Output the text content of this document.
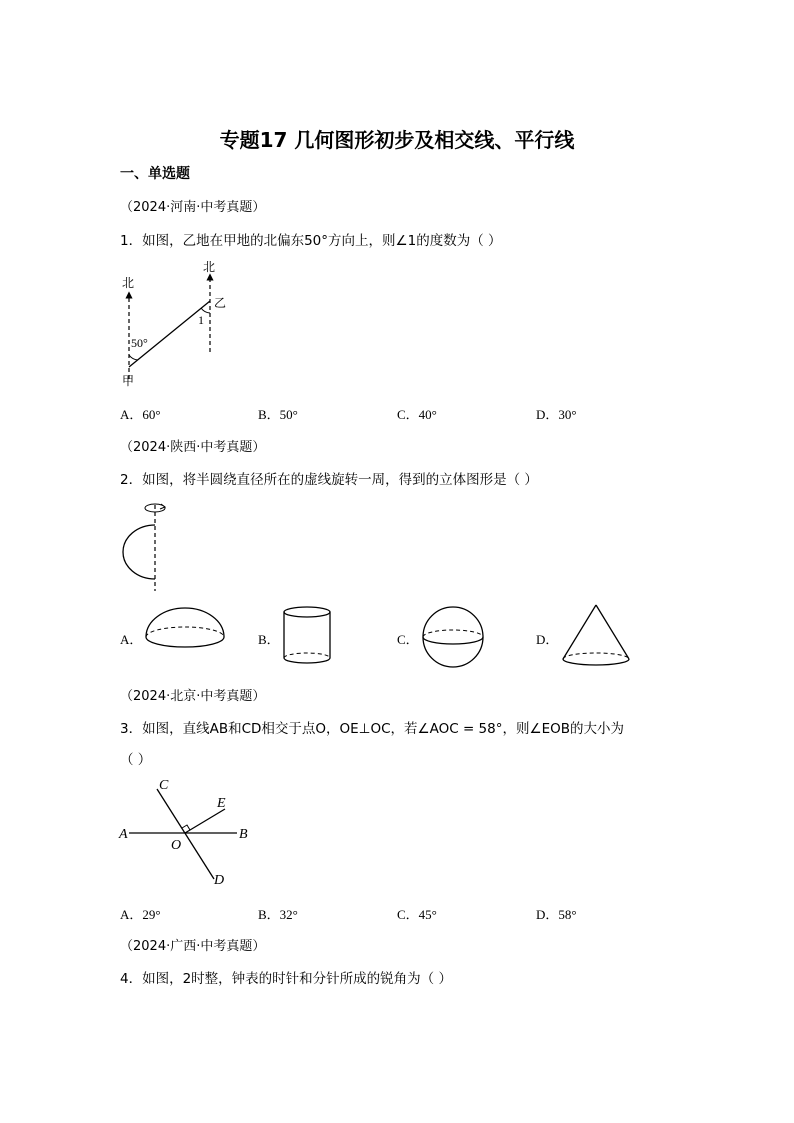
专题17 几何图形初步及相交线、平行线
一、单选题
（2024·河南·中考真题）
1．如图，乙地在甲地的北偏东50°方向上，则∠1的度数为（ ）
北
北
乙
甲
50°
1
A．60°	B．50°	C．40°	D．30°
（2024·陕西·中考真题）
2．如图，将半圆绕直径所在的虚线旋转一周，得到的立体图形是（ ）
A．	B．	C．	D．
（2024·北京·中考真题）
3．如图，直线AB和CD相交于点O，OE⊥OC，若∠AOC = 58°，则∠EOB的大小为
（ ）
A	B
C
D
E
O
A．29°	B．32°	C．45°	D．58°
（2024·广西·中考真题）
4．如图，2时整，钟表的时针和分针所成的锐角为（ ）
